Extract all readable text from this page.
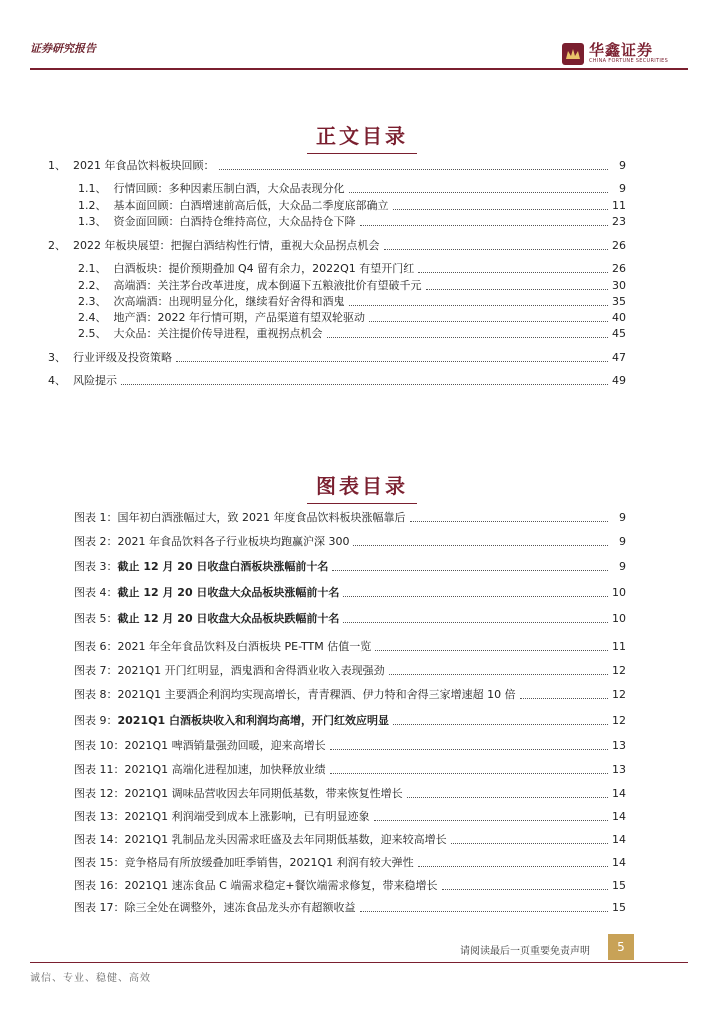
证券研究报告	华鑫证券
CHINA FORTUNE SECURITIES
正文目录
1、 2021 年食品饮料板块回顾：	9
1.1、 行情回顾：多种因素压制白酒，大众品表现分化	9
1.2、 基本面回顾：白酒增速前高后低，大众品二季度底部确立	11
1.3、 资金面回顾：白酒持仓维持高位，大众品持仓下降	23
2、 2022 年板块展望：把握白酒结构性行情，重视大众品拐点机会	26
2.1、 白酒板块：提价预期叠加 Q4 留有余力，2022Q1 有望开门红	26
2.2、 高端酒：关注茅台改革进度，成本倒逼下五粮液批价有望破千元	30
2.3、 次高端酒：出现明显分化，继续看好舍得和酒鬼	35
2.4、 地产酒：2022 年行情可期，产品渠道有望双轮驱动	40
2.5、 大众品：关注提价传导进程，重视拐点机会	45
3、 行业评级及投资策略	47
4、 风险提示	49
图表目录
图表 1： 国年初白酒涨幅过大，致 2021 年度食品饮料板块涨幅靠后	9
图表 2： 2021 年食品饮料各子行业板块均跑赢沪深 300	9
图表 3： 截止 12 月 20 日收盘白酒板块涨幅前十名	9
图表 4： 截止 12 月 20 日收盘大众品板块涨幅前十名	10
图表 5： 截止 12 月 20 日收盘大众品板块跌幅前十名	10
图表 6： 2021 年全年食品饮料及白酒板块 PE-TTM 估值一览	11
图表 7： 2021Q1 开门红明显，酒鬼酒和舍得酒业收入表现强劲	12
图表 8： 2021Q1 主要酒企利润均实现高增长，青青稞酒、伊力特和舍得三家增速超 10 倍	12
图表 9： 2021Q1 白酒板块收入和利润均高增，开门红效应明显	12
图表 10： 2021Q1 啤酒销量强劲回暖，迎来高增长	13
图表 11： 2021Q1 高端化进程加速，加快释放业绩	13
图表 12： 2021Q1 调味品营收因去年同期低基数，带来恢复性增长	14
图表 13： 2021Q1 利润端受到成本上涨影响，已有明显迹象	14
图表 14： 2021Q1 乳制品龙头因需求旺盛及去年同期低基数，迎来较高增长	14
图表 15： 竞争格局有所放缓叠加旺季销售，2021Q1 利润有较大弹性	14
图表 16： 2021Q1 速冻食品 C 端需求稳定+餐饮端需求修复，带来稳增长	15
图表 17： 除三全处在调整外，速冻食品龙头亦有超额收益	15
请阅读最后一页重要免责声明	5
诚信、专业、稳健、高效
